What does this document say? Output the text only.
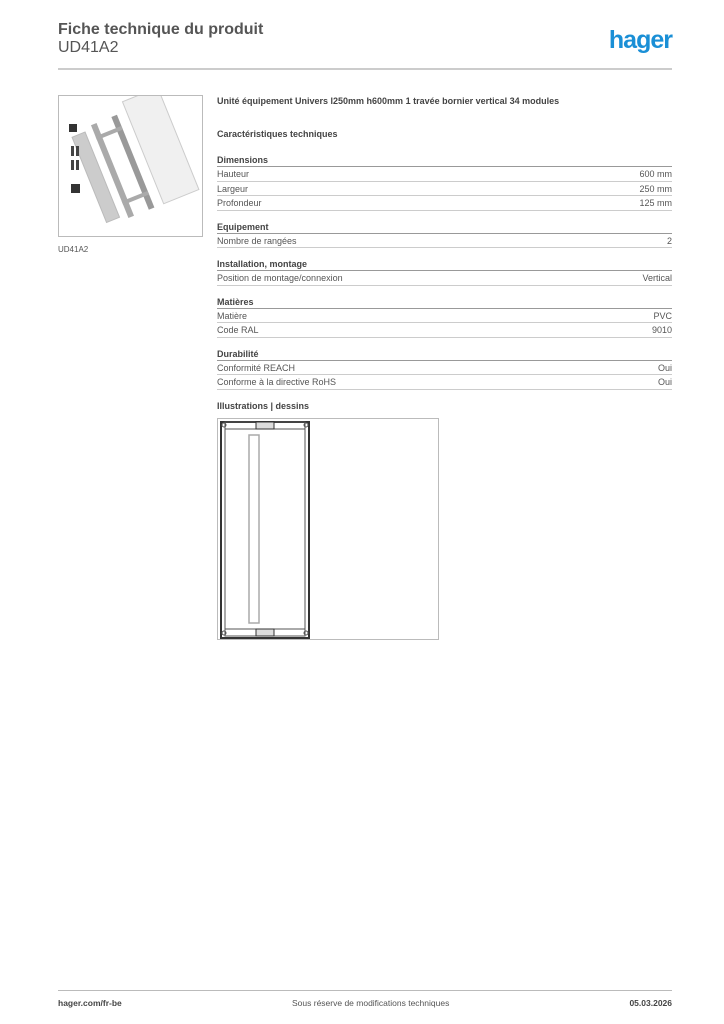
Fiche technique du produit
UD41A2	hager
UD41A2
Unité équipement Univers l250mm h600mm 1 travée bornier vertical 34 modules
Caractéristiques techniques
Dimensions
Hauteur	600 mm
Largeur	250 mm
Profondeur	125 mm
Equipement
Nombre de rangées	2
Installation, montage
Position de montage/connexion	Vertical
Matières
Matière	PVC
Code RAL	9010
Durabilité
Conformité REACH	Oui
Conforme à la directive RoHS	Oui
Illustrations | dessins
hager.com/fr-be	Sous réserve de modifications techniques	05.03.2026
